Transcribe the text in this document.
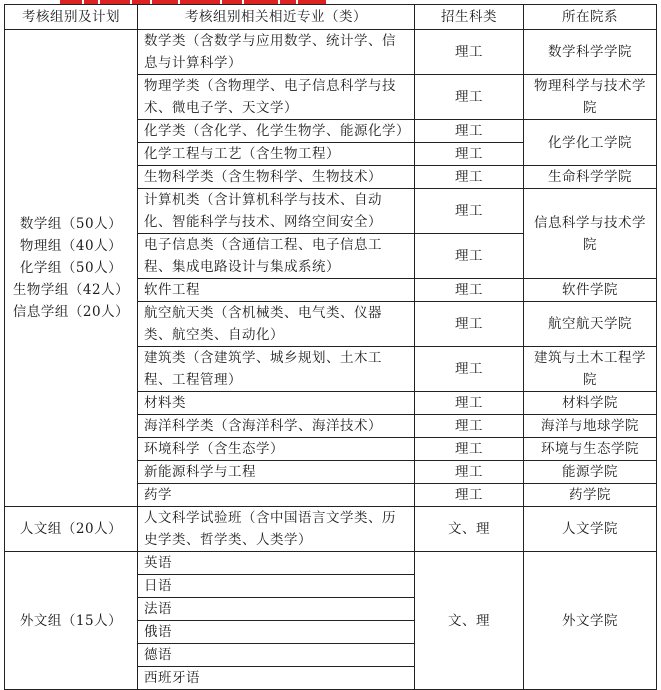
考核组别及计划	考核组别相关相近专业（类）	招生科类	所在院系

数学组（50人）
物理组（40人）
化学组（50人）
生物学组（42人）
信息学组（20人）	数学类（含数学与应用数学、统计学、信息与计算科学）	理工	数学科学学院
	物理学类（含物理学、电子信息科学与技术、微电子学、天文学）	理工	物理科学与技术学院
	化学类（含化学、化学生物学、能源化学）	理工	化学化工学院
	化学工程与工艺（含生物工程）	理工	
	生物科学类（含生物科学、生物技术）	理工	生命科学学院
	计算机类（含计算机科学与技术、自动化、智能科学与技术、网络空间安全）	理工	信息科学与技术学院
	电子信息类（含通信工程、电子信息工程、集成电路设计与集成系统）	理工	
	软件工程	理工	软件学院
	航空航天类（含机械类、电气类、仪器类、航空类、自动化）	理工	航空航天学院
	建筑类（含建筑学、城乡规划、土木工程、工程管理）	理工	建筑与土木工程学院
	材料类	理工	材料学院
	海洋科学类（含海洋科学、海洋技术）	理工	海洋与地球学院
	环境科学（含生态学）	理工	环境与生态学院
	新能源科学与工程	理工	能源学院
	药学	理工	药学院
人文组（20人）	人文科学试验班（含中国语言文学类、历史学类、哲学类、人类学）	文、理	人文学院
外文组（15人）	英语	文、理	外文学院
	日语		
	法语		
	俄语		
	德语		
	西班牙语		
